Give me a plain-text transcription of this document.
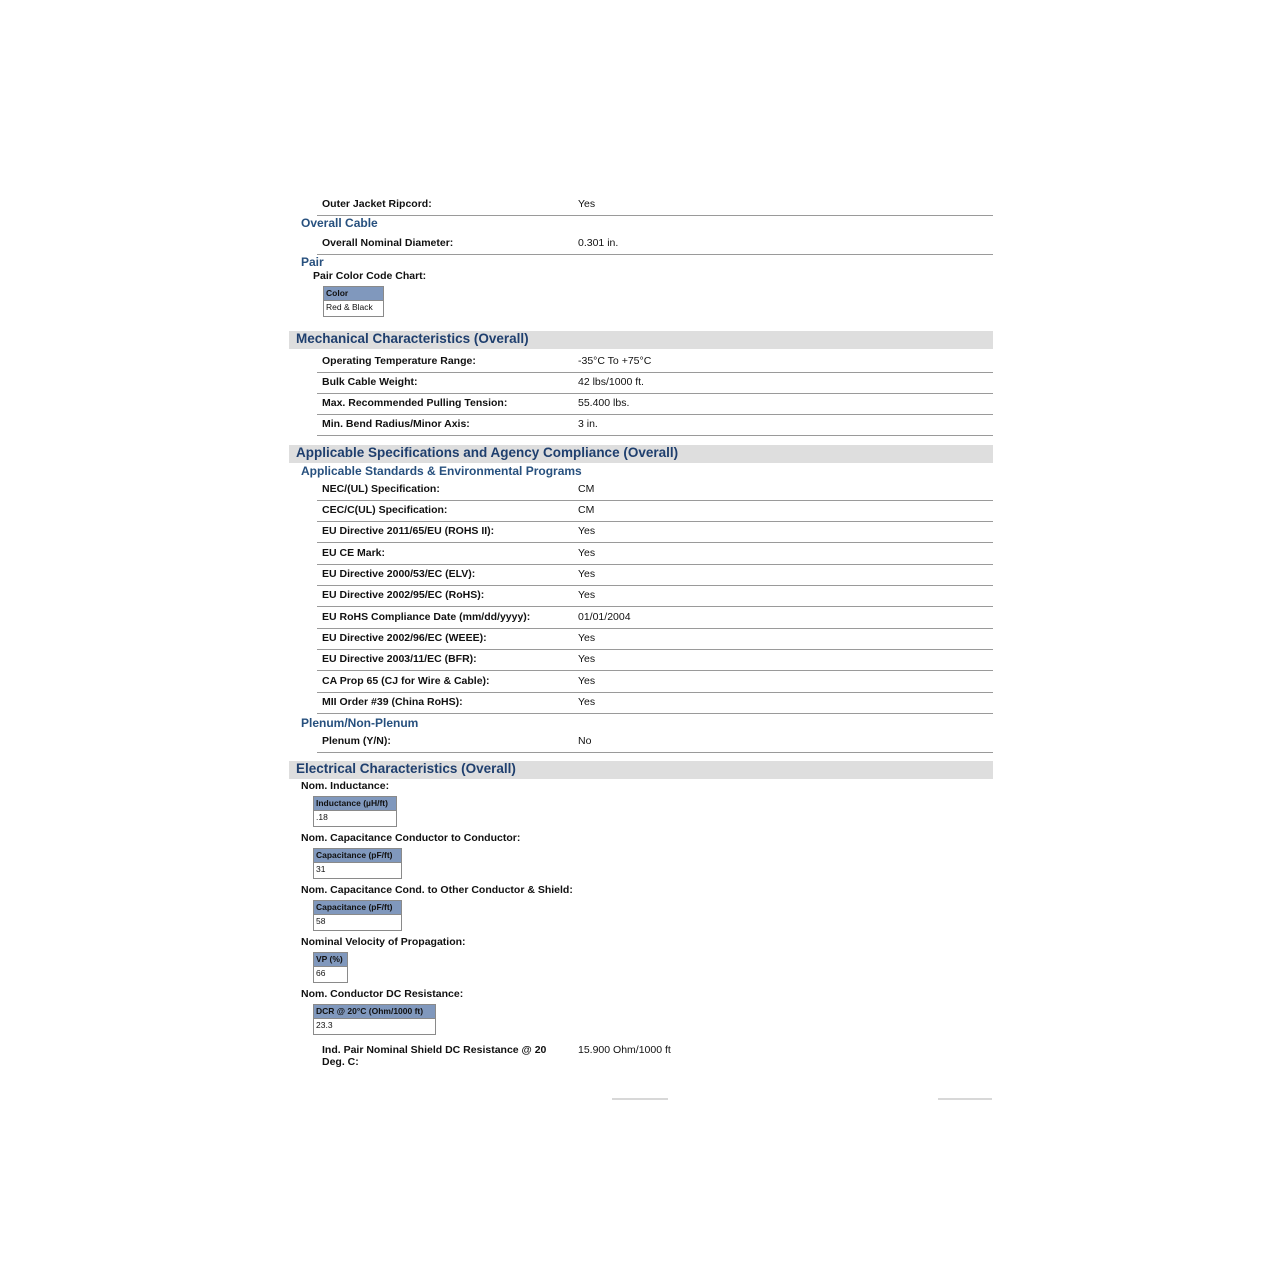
Outer Jacket Ripcord:	Yes
Overall Cable
Overall Nominal Diameter:	0.301 in.
Pair
Pair Color Code Chart:
Color
Red & Black
Mechanical Characteristics (Overall)
Operating Temperature Range:	-35°C To +75°C
Bulk Cable Weight:	42 lbs/1000 ft.
Max. Recommended Pulling Tension:	55.400 lbs.
Min. Bend Radius/Minor Axis:	3 in.
Applicable Specifications and Agency Compliance (Overall)
Applicable Standards & Environmental Programs
NEC/(UL) Specification:	CM
CEC/C(UL) Specification:	CM
EU Directive 2011/65/EU (ROHS II):	Yes
EU CE Mark:	Yes
EU Directive 2000/53/EC (ELV):	Yes
EU Directive 2002/95/EC (RoHS):	Yes
EU RoHS Compliance Date (mm/dd/yyyy):	01/01/2004
EU Directive 2002/96/EC (WEEE):	Yes
EU Directive 2003/11/EC (BFR):	Yes
CA Prop 65 (CJ for Wire & Cable):	Yes
MII Order #39 (China RoHS):	Yes
Plenum/Non-Plenum
Plenum (Y/N):	No
Electrical Characteristics (Overall)
Nom. Inductance:
Inductance (µH/ft)
.18
Nom. Capacitance Conductor to Conductor:
Capacitance (pF/ft)
31
Nom. Capacitance Cond. to Other Conductor & Shield:
Capacitance (pF/ft)
58
Nominal Velocity of Propagation:
VP (%)
66
Nom. Conductor DC Resistance:
DCR @ 20°C (Ohm/1000 ft)
23.3
Ind. Pair Nominal Shield DC Resistance @ 20
Deg. C:
15.900 Ohm/1000 ft
